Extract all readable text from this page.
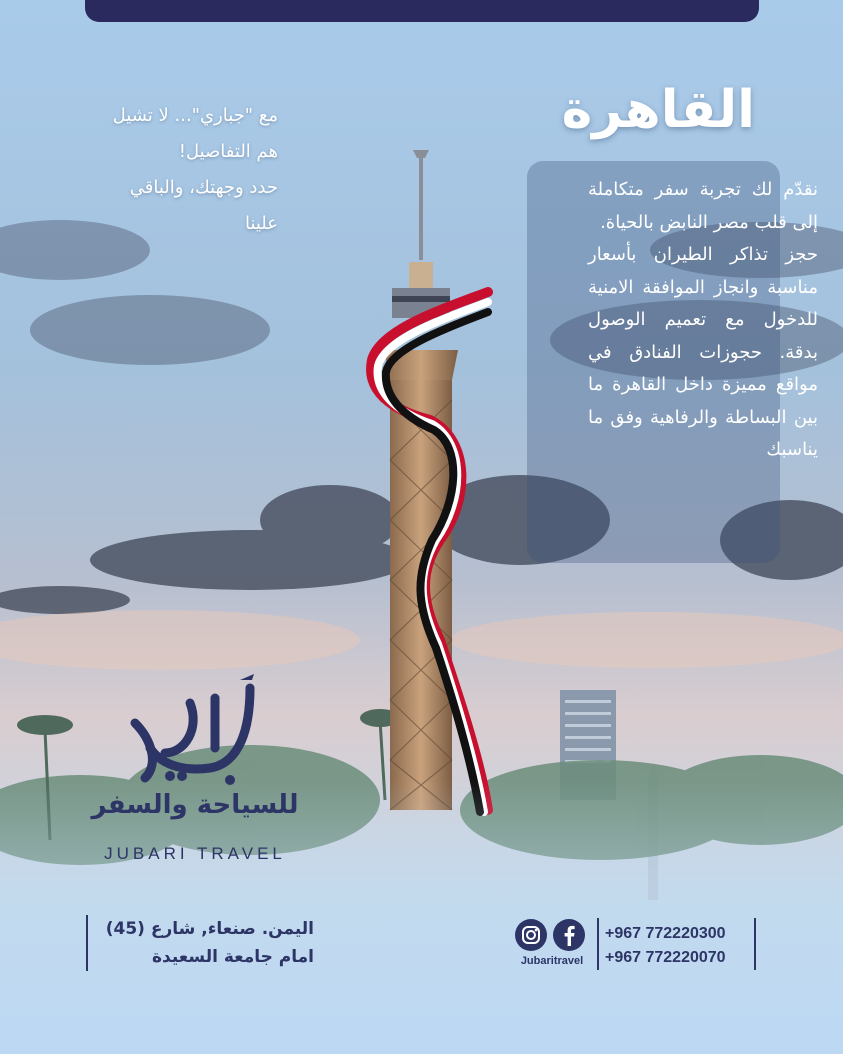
القاهرة

نقدّم لك تجربة سفر متكاملة إلى قلب مصر النابض بالحياة.

حجز تذاكر الطيران بأسعار مناسبة وانجاز الموافقة الامنية للدخول مع تعميم الوصول بدقة. حجوزات الفنادق في مواقع مميزة داخل القاهرة ما بين البساطة والرفاهية وفق ما يناسبك

مع "جباري"... لا تشيل

هم التفاصيل!

حدد وجهتك، والباقي

علينا

للسياحة والسفر
JUBARI TRAVEL

اليمن. صنعاء, شارع (45)

امام جامعة السعيدة	Jubaritravel

+967 772220300

+967 772220070
